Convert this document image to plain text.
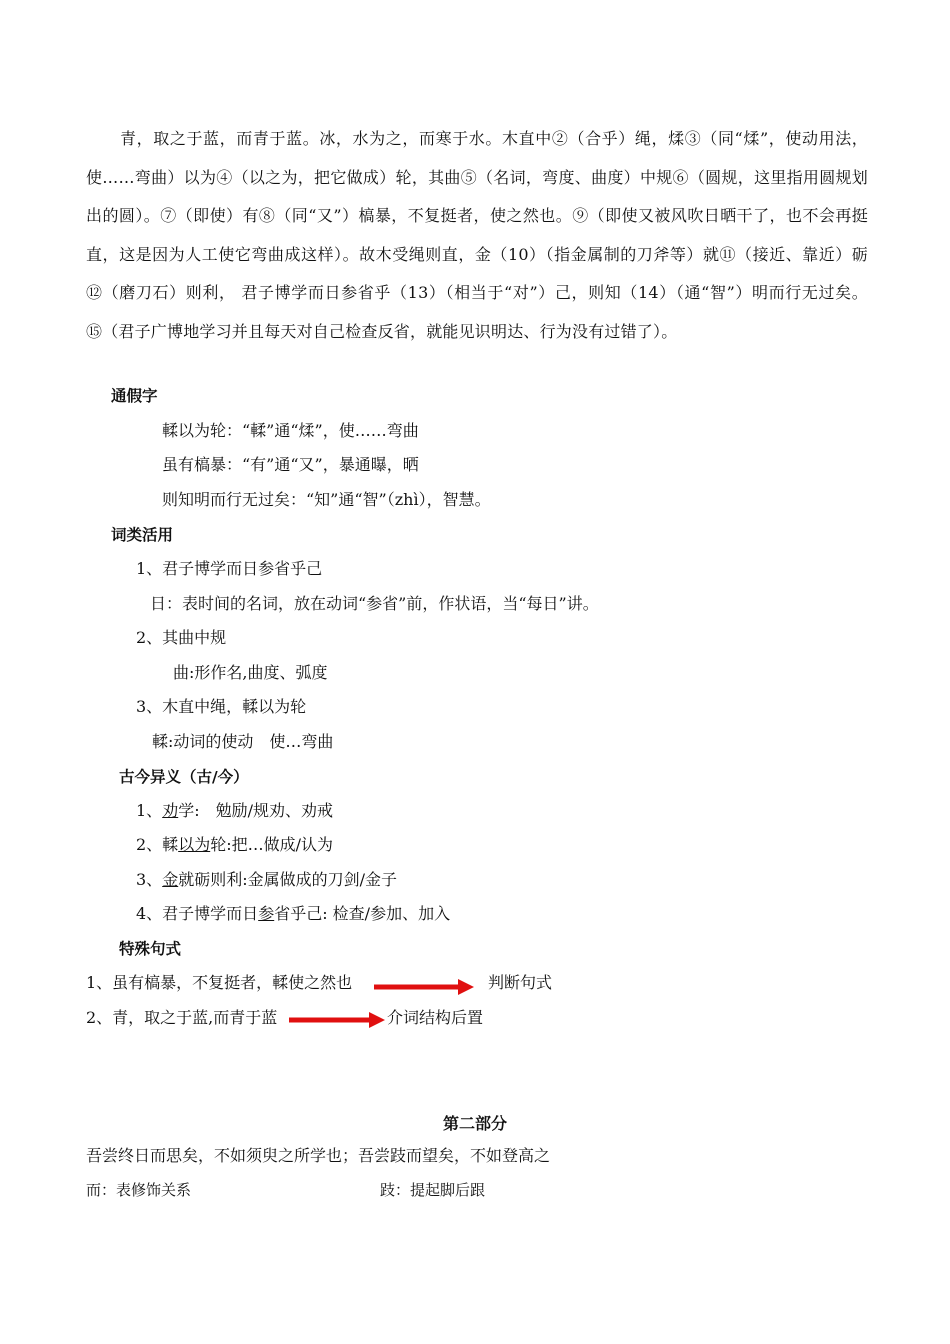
青，取之于蓝，而青于蓝。冰，水为之，而寒于水。木直中②（合乎）绳，煣③（同“煣”，使动用法，使……弯曲）以为④（以之为，把它做成）轮，其曲⑤（名词，弯度、曲度）中规⑥（圆规，这里指用圆规划出的圆）。⑦（即使）有⑧（同“又”）槁暴，不复挺者，使之然也。⑨（即使又被风吹日晒干了，也不会再挺直，这是因为人工使它弯曲成这样）。故木受绳则直，金（10）（指金属制的刀斧等）就⑪（接近、靠近）砺⑫（磨刀石）则利， 君子博学而日参省乎（13）（相当于“对”）己，则知（14）（通“智”）明而行无过矣。 ⑮（君子广博地学习并且每天对自己检查反省，就能见识明达、行为没有过错了）。

通假字
輮以为轮：“輮”通“煣”，使……弯曲
虽有槁暴：“有”通“又”，暴通曝，晒
则知明而行无过矣：“知”通“智”（zhì），智慧。
词类活用
1、君子博学而日参省乎己
日：表时间的名词，放在动词“参省”前，作状语，当“每日”讲。
2、其曲中规
曲:形作名,曲度、弧度
3、木直中绳，輮以为轮
輮:动词的使动　使…弯曲
古今异义（古/今）
1、劝学:　勉励/规劝、劝戒
2、輮以为轮:把…做成/认为
3、金就砺则利:金属做成的刀剑/金子
4、君子博学而日参省乎己: 检查/参加、加入
特殊句式
1、虽有槁暴，不复挺者，輮使之然也	判断句式
2、青，取之于蓝,而青于蓝	介词结构后置
第二部分
吾尝终日而思矣，不如须臾之所学也；吾尝跂而望矣，不如登高之
而：表修饰关系	跂：提起脚后跟
